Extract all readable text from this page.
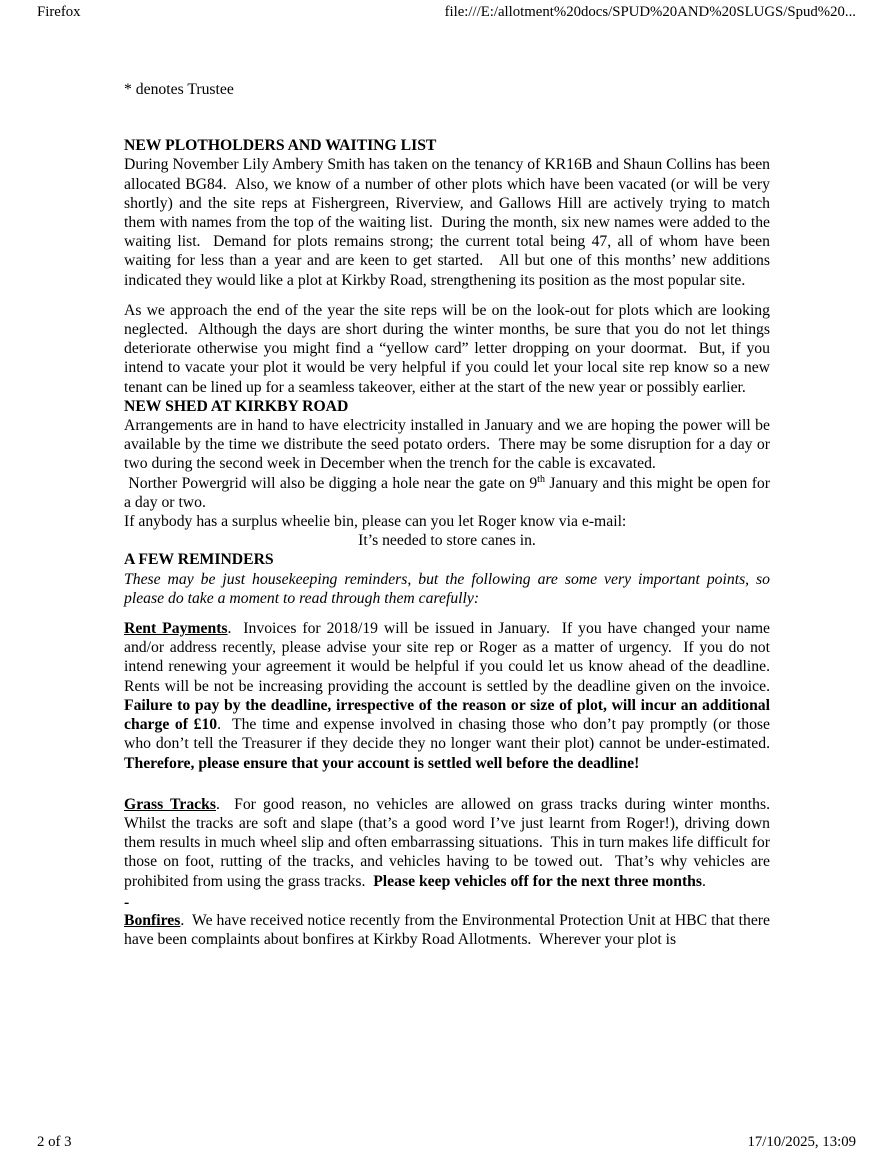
Firefox	file:///E:/allotment%20docs/SPUD%20AND%20SLUGS/Spud%20...

* denotes Trustee

NEW PLOTHOLDERS AND WAITING LIST

During November Lily Ambery Smith has taken on the tenancy of KR16B and Shaun Collins has been allocated BG84.  Also, we know of a number of other plots which have been vacated (or will be very shortly) and the site reps at Fishergreen, Riverview, and Gallows Hill are actively trying to match them with names from the top of the waiting list.  During the month, six new names were added to the waiting list.  Demand for plots remains strong; the current total being 47, all of whom have been waiting for less than a year and are keen to get started.   All but one of this months’ new additions indicated they would like a plot at Kirkby Road, strengthening its position as the most popular site.

As we approach the end of the year the site reps will be on the look-out for plots which are looking neglected.  Although the days are short during the winter months, be sure that you do not let things deteriorate otherwise you might find a “yellow card” letter dropping on your doormat.  But, if you intend to vacate your plot it would be very helpful if you could let your local site rep know so a new tenant can be lined up for a seamless takeover, either at the start of the new year or possibly earlier.

NEW SHED AT KIRKBY ROAD

Arrangements are in hand to have electricity installed in January and we are hoping the power will be available by the time we distribute the seed potato orders.  There may be some disruption for a day or two during the second week in December when the trench for the cable is excavated.

Norther Powergrid will also be digging a hole near the gate on 9th January and this might be open for a day or two.

If anybody has a surplus wheelie bin, please can you let Roger know via e-mail:

It’s needed to store canes in.

A FEW REMINDERS

These may be just housekeeping reminders, but the following are some very important points, so please do take a moment to read through them carefully:

Rent Payments.  Invoices for 2018/19 will be issued in January.  If you have changed your name and/or address recently, please advise your site rep or Roger as a matter of urgency.  If you do not intend renewing your agreement it would be helpful if you could let us know ahead of the deadline.  Rents will be not be increasing providing the account is settled by the deadline given on the invoice.  Failure to pay by the deadline, irrespective of the reason or size of plot, will incur an additional charge of £10.  The time and expense involved in chasing those who don’t pay promptly (or those who don’t tell the Treasurer if they decide they no longer want their plot) cannot be under-estimated.  Therefore, please ensure that your account is settled well before the deadline!

Grass Tracks.  For good reason, no vehicles are allowed on grass tracks during winter months.   Whilst the tracks are soft and slape (that’s a good word I’ve just learnt from Roger!), driving down them results in much wheel slip and often embarrassing situations.  This in turn makes life difficult for those on foot, rutting of the tracks, and vehicles having to be towed out.  That’s why vehicles are prohibited from using the grass tracks.  Please keep vehicles off for the next three months.

-

Bonfires.  We have received notice recently from the Environmental Protection Unit at HBC that there have been complaints about bonfires at Kirkby Road Allotments.  Wherever your plot is

2 of 3	17/10/2025, 13:09
